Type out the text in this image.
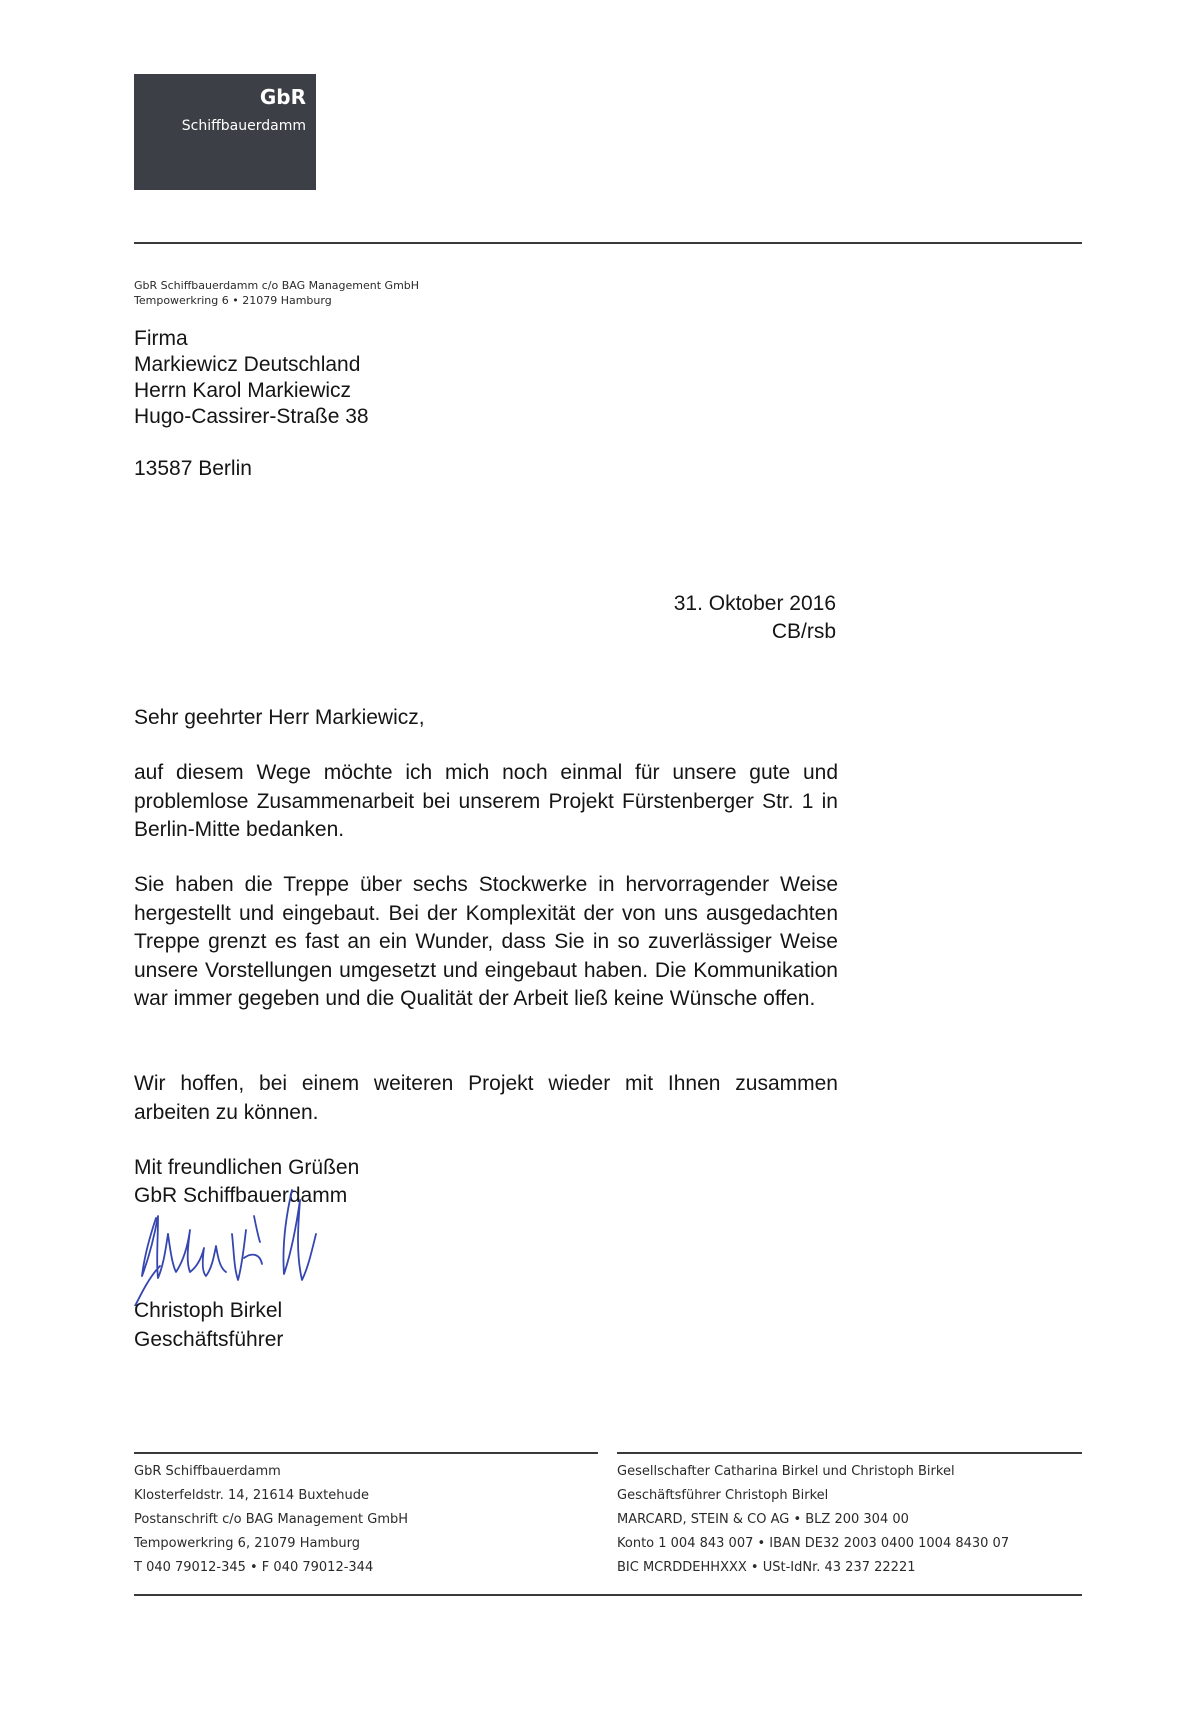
GbR
Schiffbauerdamm
GbR Schiffbauerdamm c/o BAG Management GmbH
Tempowerkring 6 • 21079 Hamburg
Firma
Markiewicz Deutschland
Herrn Karol Markiewicz
Hugo-Cassirer-Straße 38
13587 Berlin
31. Oktober 2016
CB/rsb
Sehr geehrter Herr Markiewicz,
auf diesem Wege möchte ich mich noch einmal für unsere gute und problemlose Zusammenarbeit bei unserem Projekt Fürstenberger Str. 1 in Berlin-Mitte bedanken.
Sie haben die Treppe über sechs Stockwerke in hervorragender Weise hergestellt und eingebaut. Bei der Komplexität der von uns ausgedachten Treppe grenzt es fast an ein Wunder, dass Sie in so zuverlässiger Weise unsere Vorstellungen umgesetzt und eingebaut haben. Die Kommunikation war immer gegeben und die Qualität der Arbeit ließ keine Wünsche offen.
Wir hoffen, bei einem weiteren Projekt wieder mit Ihnen zusammen arbeiten zu können.
Mit freundlichen Grüßen
GbR Schiffbauerdamm
Christoph Birkel
Geschäftsführer
GbR Schiffbauerdamm
Klosterfeldstr. 14, 21614 Buxtehude
Postanschrift c/o BAG Management GmbH
Tempowerkring 6, 21079 Hamburg
T 040 79012-345 • F 040 79012-344
Gesellschafter Catharina Birkel und Christoph Birkel
Geschäftsführer Christoph Birkel
MARCARD, STEIN & CO AG • BLZ 200 304 00
Konto 1 004 843 007 • IBAN DE32 2003 0400 1004 8430 07
BIC MCRDDEHHXXX • USt-IdNr. 43 237 22221
